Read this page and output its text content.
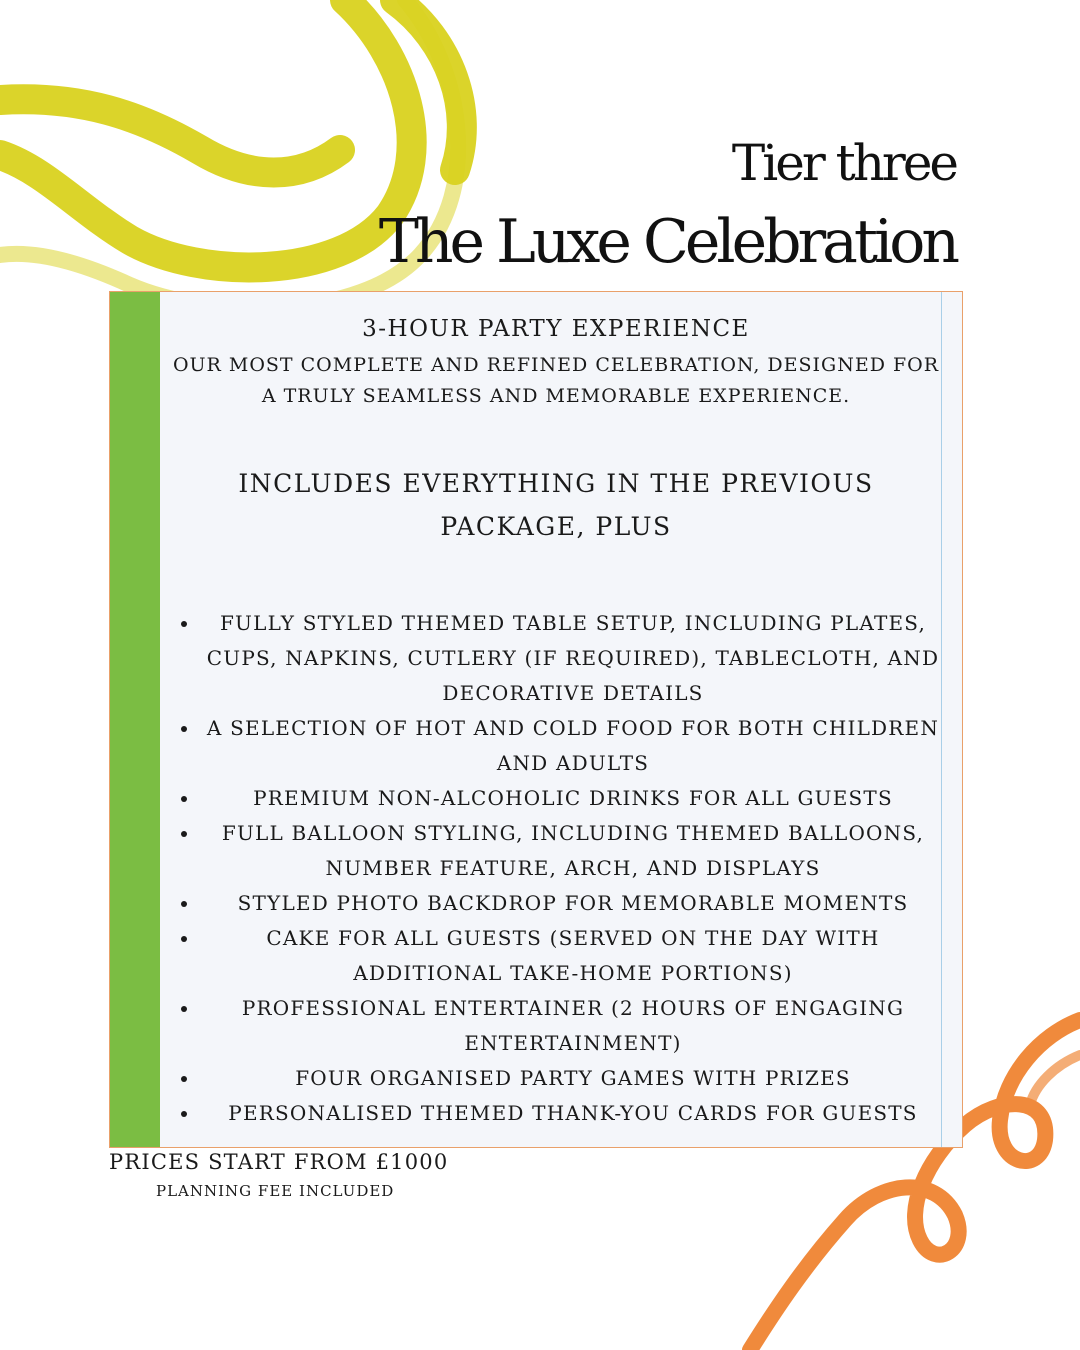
Tier three
The Luxe Celebration
3-HOUR PARTY EXPERIENCE

OUR MOST COMPLETE AND REFINED CELEBRATION, DESIGNED FOR A TRULY SEAMLESS AND MEMORABLE EXPERIENCE.

INCLUDES EVERYTHING IN THE PREVIOUS PACKAGE, PLUS

FULLY STYLED THEMED TABLE SETUP, INCLUDING PLATES, CUPS, NAPKINS, CUTLERY (IF REQUIRED), TABLECLOTH, AND DECORATIVE DETAILS
A SELECTION OF HOT AND COLD FOOD FOR BOTH CHILDREN AND ADULTS
PREMIUM NON-ALCOHOLIC DRINKS FOR ALL GUESTS
FULL BALLOON STYLING, INCLUDING THEMED BALLOONS, NUMBER FEATURE, ARCH, AND DISPLAYS
STYLED PHOTO BACKDROP FOR MEMORABLE MOMENTS
CAKE FOR ALL GUESTS (SERVED ON THE DAY WITH ADDITIONAL TAKE-HOME PORTIONS)
PROFESSIONAL ENTERTAINER (2 HOURS OF ENGAGING ENTERTAINMENT)
FOUR ORGANISED PARTY GAMES WITH PRIZES
PERSONALISED THEMED THANK-YOU CARDS FOR GUESTS

PRICES START FROM £1000

PLANNING FEE INCLUDED
